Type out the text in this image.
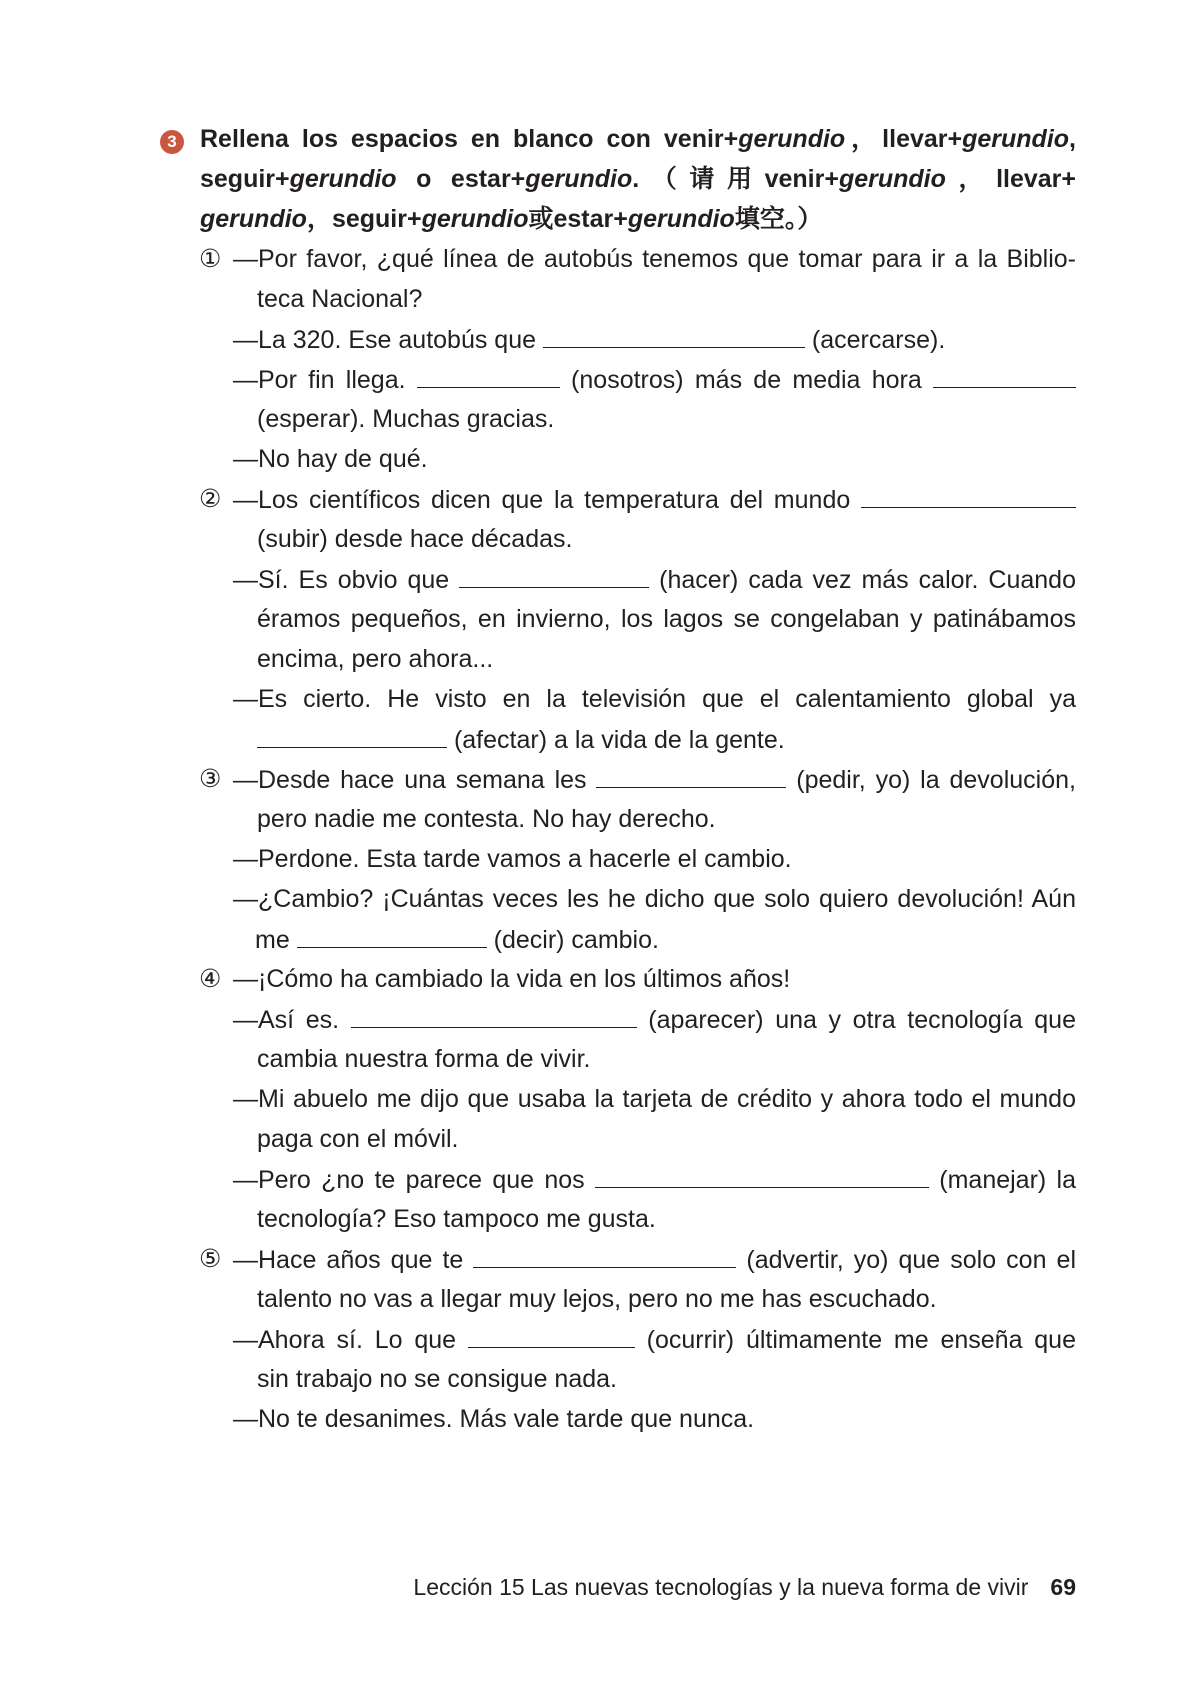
3 Rellena los espacios en blanco con venir+gerundio，llevar+gerundio,
seguir+gerundio o estar+gerundio.（请用venir+gerundio，llevar+
gerundio，seguir+gerundio或estar+gerundio填空。）
① —Por favor, ¿qué línea de autobús tenemos que tomar para ir a la Biblio-
teca Nacional?
—La 320. Ese autobús que	(acercarse).
—Por fin llega.	(nosotros) más de media hora
(esperar). Muchas gracias.
—No hay de qué.
② —Los científicos dicen que la temperatura del mundo
(subir) desde hace décadas.
—Sí. Es obvio que	(hacer) cada vez más calor. Cuando
éramos pequeños, en invierno, los lagos se congelaban y patinábamos
encima, pero ahora...
—Es cierto. He visto en la televisión que el calentamiento global ya
(afectar) a la vida de la gente.
③ —Desde hace una semana les	(pedir, yo) la devolución,
pero nadie me contesta. No hay derecho.
—Perdone. Esta tarde vamos a hacerle el cambio.
—¿Cambio? ¡Cuántas veces les he dicho que solo quiero devolución! Aún
me	(decir) cambio.
④ —¡Cómo ha cambiado la vida en los últimos años!
—Así es.	(aparecer) una y otra tecnología que
cambia nuestra forma de vivir.
—Mi abuelo me dijo que usaba la tarjeta de crédito y ahora todo el mundo
paga con el móvil.
—Pero ¿no te parece que nos	(manejar) la
tecnología? Eso tampoco me gusta.
⑤ —Hace años que te	(advertir, yo) que solo con el
talento no vas a llegar muy lejos, pero no me has escuchado.
—Ahora sí. Lo que	(ocurrir) últimamente me enseña que
sin trabajo no se consigue nada.
—No te desanimes. Más vale tarde que nunca.
Lección 15 Las nuevas tecnologías y la nueva forma de vivir 69
